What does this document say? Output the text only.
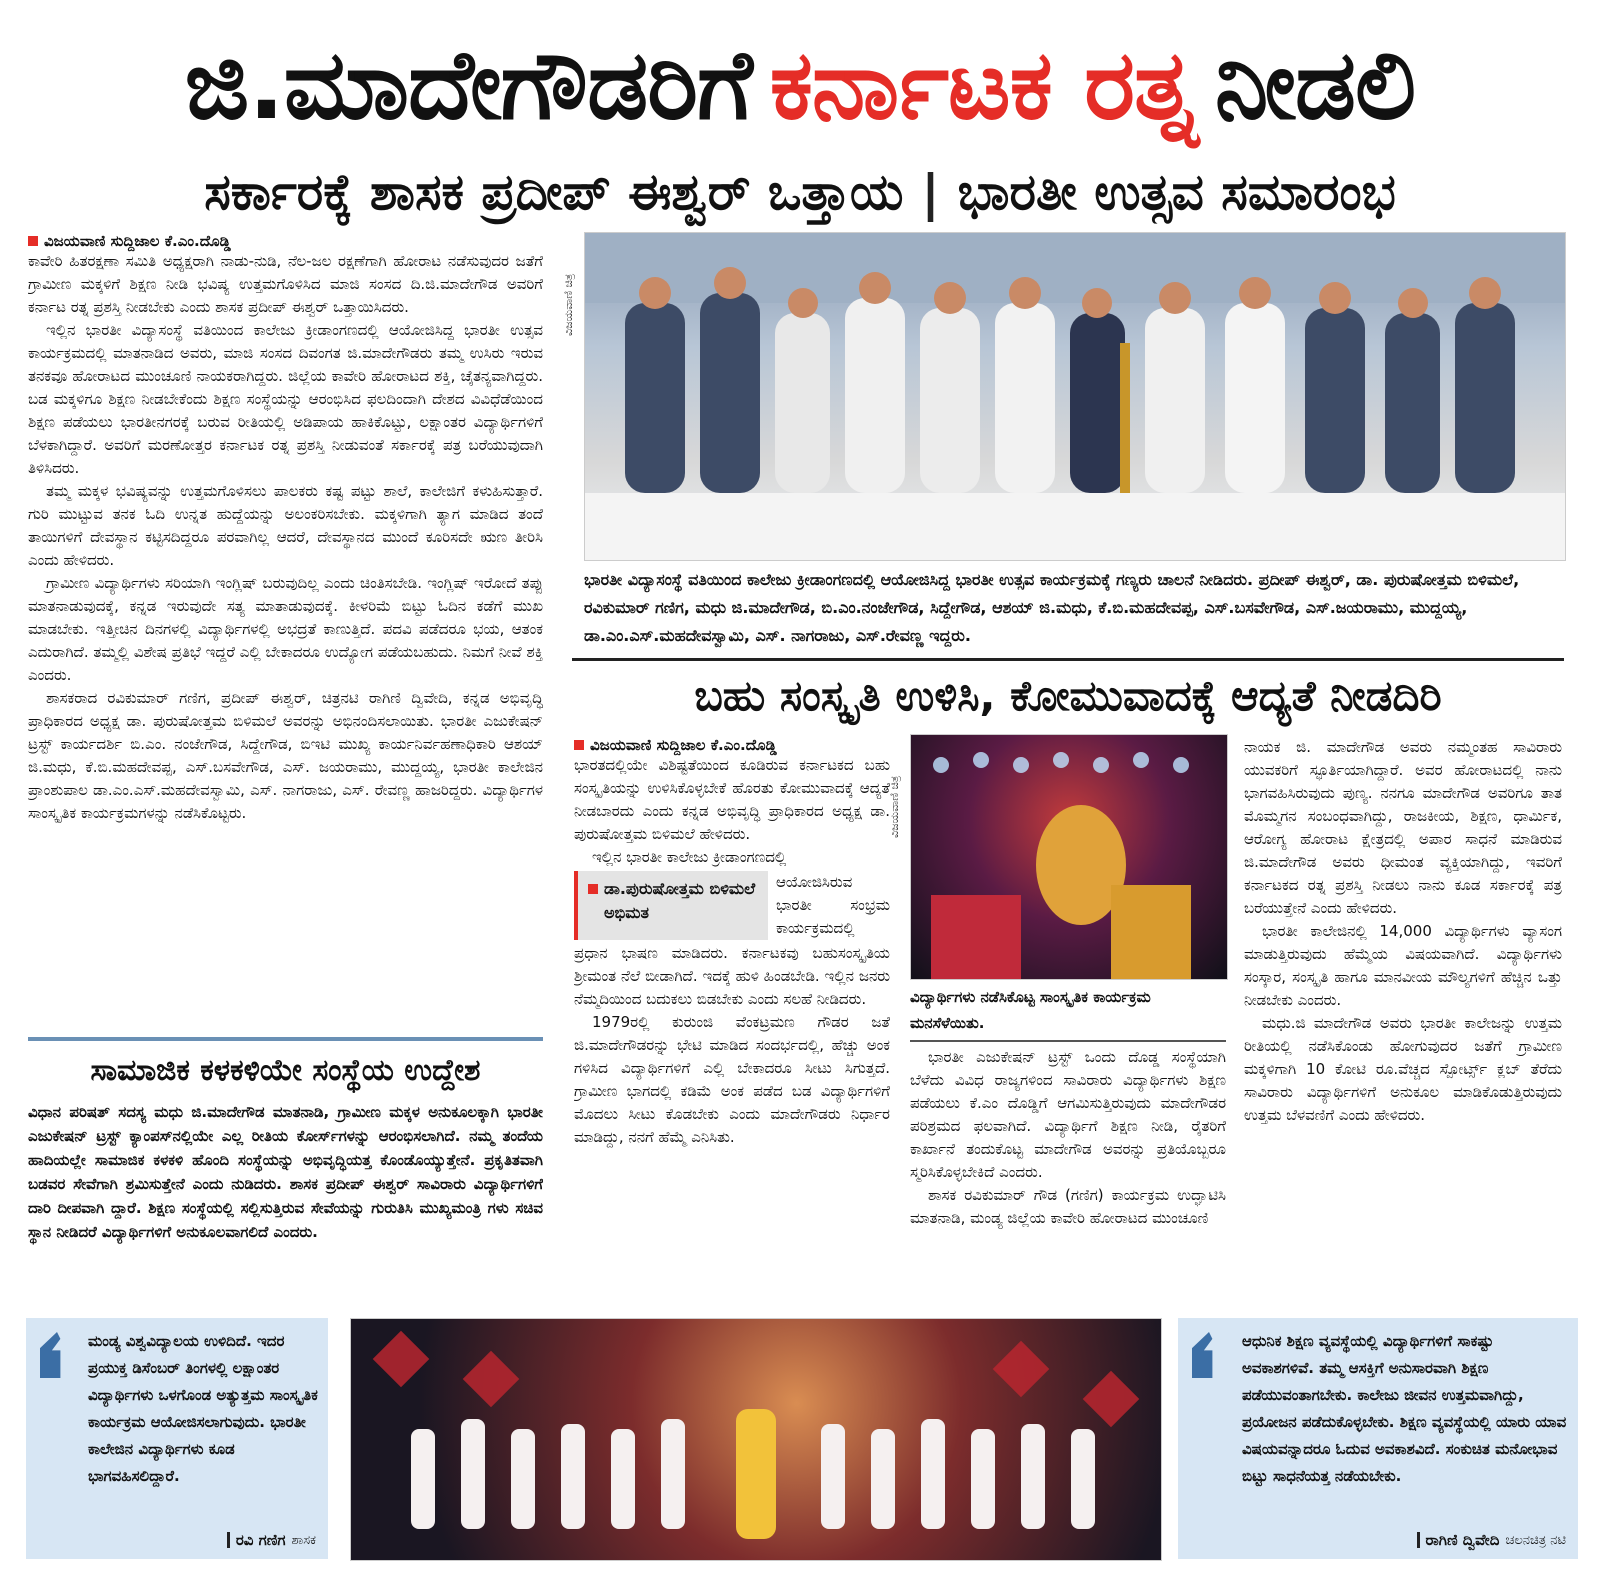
ಜಿ.ಮಾದೇಗೌಡರಿಗೆ ಕರ್ನಾಟಕ ರತ್ನ ನೀಡಲಿ
ಸರ್ಕಾರಕ್ಕೆ ಶಾಸಕ ಪ್ರದೀಪ್ ಈಶ್ವರ್ ಒತ್ತಾಯ | ಭಾರತೀ ಉತ್ಸವ ಸಮಾರಂಭ
ವಿಜಯವಾಣಿ ಸುದ್ದಿಜಾಲ ಕೆ.ಎಂ.ದೊಡ್ಡಿ

ಕಾವೇರಿ ಹಿತರಕ್ಷಣಾ ಸಮಿತಿ ಅಧ್ಯಕ್ಷರಾಗಿ ನಾಡು-ನುಡಿ, ನೆಲ-ಜಲ ರಕ್ಷಣೆಗಾಗಿ ಹೋರಾಟ ನಡೆಸುವುದರ ಜತೆಗೆ ಗ್ರಾಮೀಣ ಮಕ್ಕಳಿಗೆ ಶಿಕ್ಷಣ ನೀಡಿ ಭವಿಷ್ಯ ಉತ್ತಮಗೊಳಿಸಿದ ಮಾಜಿ ಸಂಸದ ದಿ.ಜಿ.ಮಾದೇಗೌಡ ಅವರಿಗೆ ಕರ್ನಾಟ ರತ್ನ ಪ್ರಶಸ್ತಿ ನೀಡಬೇಕು ಎಂದು ಶಾಸಕ ಪ್ರದೀಪ್ ಈಶ್ವರ್ ಒತ್ತಾಯಿಸಿದರು.

ಇಲ್ಲಿನ ಭಾರತೀ ವಿದ್ಯಾಸಂಸ್ಥೆ ವತಿಯಿಂದ ಕಾಲೇಜು ಕ್ರೀಡಾಂಗಣದಲ್ಲಿ ಆಯೋಜಿಸಿದ್ದ ಭಾರತೀ ಉತ್ಸವ ಕಾರ್ಯಕ್ರಮದಲ್ಲಿ ಮಾತನಾಡಿದ ಅವರು, ಮಾಜಿ ಸಂಸದ ದಿವಂಗತ ಜಿ.ಮಾದೇಗೌಡರು ತಮ್ಮ ಉಸಿರು ಇರುವ ತನಕವೂ ಹೋರಾಟದ ಮುಂಚೂಣಿ ನಾಯಕರಾಗಿದ್ದರು. ಜಿಲ್ಲೆಯ ಕಾವೇರಿ ಹೋರಾಟದ ಶಕ್ತಿ, ಚೈತನ್ಯವಾಗಿದ್ದರು. ಬಡ ಮಕ್ಕಳಿಗೂ ಶಿಕ್ಷಣ ನೀಡಬೇಕೆಂದು ಶಿಕ್ಷಣ ಸಂಸ್ಥೆಯನ್ನು ಆರಂಭಿಸಿದ ಫಲದಿಂದಾಗಿ ದೇಶದ ವಿವಿಧೆಡೆಯಿಂದ ಶಿಕ್ಷಣ ಪಡೆಯಲು ಭಾರತೀನಗರಕ್ಕೆ ಬರುವ ರೀತಿಯಲ್ಲಿ ಅಡಿಪಾಯ ಹಾಕಿಕೊಟ್ಟು, ಲಕ್ಷಾಂತರ ವಿದ್ಯಾರ್ಥಿಗಳಿಗೆ ಬೆಳಕಾಗಿದ್ದಾರೆ. ಅವರಿಗೆ ಮರಣೋತ್ತರ ಕರ್ನಾಟಕ ರತ್ನ ಪ್ರಶಸ್ತಿ ನೀಡುವಂತೆ ಸರ್ಕಾರಕ್ಕೆ ಪತ್ರ ಬರೆಯುವುದಾಗಿ ತಿಳಿಸಿದರು.

ತಮ್ಮ ಮಕ್ಕಳ ಭವಿಷ್ಯವನ್ನು ಉತ್ತಮಗೊಳಿಸಲು ಪಾಲಕರು ಕಷ್ಟ ಪಟ್ಟು ಶಾಲೆ, ಕಾಲೇಜಿಗೆ ಕಳುಹಿಸುತ್ತಾರೆ. ಗುರಿ ಮುಟ್ಟುವ ತನಕ ಓದಿ ಉನ್ನತ ಹುದ್ದೆಯನ್ನು ಅಲಂಕರಿಸಬೇಕು. ಮಕ್ಕಳಿಗಾಗಿ ತ್ಯಾಗ ಮಾಡಿದ ತಂದೆ ತಾಯಿಗಳಿಗೆ ದೇವಸ್ಥಾನ ಕಟ್ಟಿಸದಿದ್ದರೂ ಪರವಾಗಿಲ್ಲ ಆದರೆ, ದೇವಸ್ಥಾನದ ಮುಂದೆ ಕೂರಿಸದೇ ಋಣ ತೀರಿಸಿ ಎಂದು ಹೇಳಿದರು.

ಗ್ರಾಮೀಣ ವಿದ್ಯಾರ್ಥಿಗಳು ಸರಿಯಾಗಿ ಇಂಗ್ಲಿಷ್ ಬರುವುದಿಲ್ಲ ಎಂದು ಚಿಂತಿಸಬೇಡಿ. ಇಂಗ್ಲಿಷ್ ಇರೋದೆ ತಪ್ಪು ಮಾತನಾಡುವುದಕ್ಕೆ, ಕನ್ನಡ ಇರುವುದೇ ಸತ್ಯ ಮಾತಾಡುವುದಕ್ಕೆ. ಕೀಳರಿಮೆ ಬಿಟ್ಟು ಓದಿನ ಕಡೆಗೆ ಮುಖ ಮಾಡಬೇಕು. ಇತ್ತೀಚಿನ ದಿನಗಳಲ್ಲಿ ವಿದ್ಯಾರ್ಥಿಗಳಲ್ಲಿ ಅಭದ್ರತೆ ಕಾಣುತ್ತಿದೆ. ಪದವಿ ಪಡೆದರೂ ಭಯ, ಆತಂಕ ಎದುರಾಗಿದೆ. ತಮ್ಮಲ್ಲಿ ವಿಶೇಷ ಪ್ರತಿಭೆ ಇದ್ದರೆ ಎಲ್ಲಿ ಬೇಕಾದರೂ ಉದ್ಯೋಗ ಪಡೆಯಬಹುದು. ನಿಮಗೆ ನೀವೆ ಶಕ್ತಿ ಎಂದರು.

ಶಾಸಕರಾದ ರವಿಕುಮಾರ್ ಗಣಿಗ, ಪ್ರದೀಪ್ ಈಶ್ವರ್, ಚಿತ್ರನಟಿ ರಾಗಿಣಿ ದ್ವಿವೇದಿ, ಕನ್ನಡ ಅಭಿವೃದ್ಧಿ ಪ್ರಾಧಿಕಾರದ ಅಧ್ಯಕ್ಷ ಡಾ. ಪುರುಷೋತ್ತಮ ಬಿಳಿಮಲೆ ಅವರನ್ನು ಅಭಿನಂದಿಸಲಾಯಿತು. ಭಾರತೀ ಎಜುಕೇಷನ್ ಟ್ರಸ್ಟ್ ಕಾರ್ಯದರ್ಶಿ ಬಿ.ಎಂ. ನಂಜೇಗೌಡ, ಸಿದ್ದೇಗೌಡ, ಬಿಇಟಿ ಮುಖ್ಯ ಕಾರ್ಯನಿರ್ವಹಣಾಧಿಕಾರಿ ಆಶಯ್ ಜಿ.ಮಧು, ಕೆ.ಬಿ.ಮಹದೇವಪ್ಪ, ಎಸ್.ಬಸವೇಗೌಡ, ಎಸ್. ಜಯರಾಮು, ಮುದ್ದಯ್ಯ, ಭಾರತೀ ಕಾಲೇಜಿನ ಪ್ರಾಂಶುಪಾಲ ಡಾ.ಎಂ.ಎಸ್.ಮಹದೇವಸ್ವಾಮಿ, ಎಸ್. ನಾಗರಾಜು, ಎಸ್. ರೇವಣ್ಣ ಹಾಜರಿದ್ದರು. ವಿದ್ಯಾರ್ಥಿಗಳ ಸಾಂಸ್ಕೃತಿಕ ಕಾರ್ಯಕ್ರಮಗಳನ್ನು ನಡೆಸಿಕೊಟ್ಟರು.

ವಿಜಯವಾಣಿ ಚಿತ್ರ

ಭಾರತೀ ವಿದ್ಯಾಸಂಸ್ಥೆ ವತಿಯಿಂದ ಕಾಲೇಜು ಕ್ರೀಡಾಂಗಣದಲ್ಲಿ ಆಯೋಜಿಸಿದ್ದ ಭಾರತೀ ಉತ್ಸವ ಕಾರ್ಯಕ್ರಮಕ್ಕೆ ಗಣ್ಯರು ಚಾಲನೆ ನೀಡಿದರು. ಪ್ರದೀಪ್ ಈಶ್ವರ್, ಡಾ. ಪುರುಷೋತ್ತಮ ಬಿಳಿಮಲೆ, ರವಿಕುಮಾರ್ ಗಣಿಗ, ಮಧು ಜಿ.ಮಾದೇಗೌಡ, ಬಿ.ಎಂ.ನಂಜೇಗೌಡ, ಸಿದ್ದೇಗೌಡ, ಆಶಯ್ ಜಿ.ಮಧು, ಕೆ.ಬಿ.ಮಹದೇವಪ್ಪ, ಎಸ್.ಬಸವೇಗೌಡ, ಎಸ್.ಜಯರಾಮು, ಮುದ್ದಯ್ಯ, ಡಾ.ಎಂ.ಎಸ್.ಮಹದೇವಸ್ವಾಮಿ, ಎಸ್. ನಾಗರಾಜು, ಎಸ್.ರೇವಣ್ಣ ಇದ್ದರು.

ಬಹು ಸಂಸ್ಕೃತಿ ಉಳಿಸಿ, ಕೋಮುವಾದಕ್ಕೆ ಆದ್ಯತೆ ನೀಡದಿರಿ
ವಿಜಯವಾಣಿ ಸುದ್ದಿಜಾಲ ಕೆ.ಎಂ.ದೊಡ್ಡಿ

ಭಾರತದಲ್ಲಿಯೇ ವಿಶಿಷ್ಟತೆಯಿಂದ ಕೂಡಿರುವ ಕರ್ನಾಟಕದ ಬಹು ಸಂಸ್ಕೃತಿಯನ್ನು ಉಳಿಸಿಕೊಳ್ಳಬೇಕೆ ಹೊರತು ಕೋಮುವಾದಕ್ಕೆ ಆದ್ಯತೆ ನೀಡಬಾರದು ಎಂದು ಕನ್ನಡ ಅಭಿವೃದ್ಧಿ ಪ್ರಾಧಿಕಾರದ ಅಧ್ಯಕ್ಷ ಡಾ. ಪುರುಷೋತ್ತಮ ಬಿಳಿಮಲೆ ಹೇಳಿದರು.

ಇಲ್ಲಿನ ಭಾರತೀ ಕಾಲೇಜು ಕ್ರೀಡಾಂಗಣದಲ್ಲಿ

ಡಾ.ಪುರುಷೋತ್ತಮ ಬಿಳಿಮಲೆ ಅಭಿಮತ

ಆಯೋಜಿಸಿರುವ ಭಾರತೀ ಸಂಭ್ರಮ ಕಾರ್ಯಕ್ರಮದಲ್ಲಿ

ಪ್ರಧಾನ ಭಾಷಣ ಮಾಡಿದರು. ಕರ್ನಾಟಕವು ಬಹುಸಂಸ್ಕೃತಿಯ ಶ್ರೀಮಂತ ನೆಲೆ ಬೀಡಾಗಿದೆ. ಇದಕ್ಕೆ ಹುಳಿ ಹಿಂಡಬೇಡಿ. ಇಲ್ಲಿನ ಜನರು ನೆಮ್ಮದಿಯಿಂದ ಬದುಕಲು ಬಿಡಬೇಕು ಎಂದು ಸಲಹೆ ನೀಡಿದರು.

1979ರಲ್ಲಿ ಕುರುಂಜಿ ವೆಂಕಟ್ರಮಣ ಗೌಡರ ಜತೆ ಜಿ.ಮಾದೇಗೌಡರನ್ನು ಭೇಟಿ ಮಾಡಿದ ಸಂದರ್ಭದಲ್ಲಿ, ಹೆಚ್ಚು ಅಂಕ ಗಳಿಸಿದ ವಿದ್ಯಾರ್ಥಿಗಳಿಗೆ ಎಲ್ಲಿ ಬೇಕಾದರೂ ಸೀಟು ಸಿಗುತ್ತದೆ. ಗ್ರಾಮೀಣ ಭಾಗದಲ್ಲಿ ಕಡಿಮೆ ಅಂಕ ಪಡೆದ ಬಡ ವಿದ್ಯಾರ್ಥಿಗಳಿಗೆ ಮೊದಲು ಸೀಟು ಕೊಡಬೇಕು ಎಂದು ಮಾದೇಗೌಡರು ನಿರ್ಧಾರ ಮಾಡಿದ್ದು, ನನಗೆ ಹೆಮ್ಮೆ ಎನಿಸಿತು.

ವಿಜಯವಾಣಿ ಚಿತ್ರ

ವಿದ್ಯಾರ್ಥಿಗಳು ನಡೆಸಿಕೊಟ್ಟ ಸಾಂಸ್ಕೃತಿಕ ಕಾರ್ಯಕ್ರಮ ಮನಸೆಳೆಯಿತು.

ಭಾರತೀ ಎಜುಕೇಷನ್ ಟ್ರಸ್ಟ್ ಒಂದು ದೊಡ್ಡ ಸಂಸ್ಥೆಯಾಗಿ ಬೆಳೆದು ವಿವಿಧ ರಾಜ್ಯಗಳಿಂದ ಸಾವಿರಾರು ವಿದ್ಯಾರ್ಥಿಗಳು ಶಿಕ್ಷಣ ಪಡೆಯಲು ಕೆ.ಎಂ ದೊಡ್ಡಿಗೆ ಆಗಮಿಸುತ್ತಿರುವುದು ಮಾದೇಗೌಡರ ಪರಿಶ್ರಮದ ಫಲವಾಗಿದೆ. ವಿದ್ಯಾರ್ಥಿಗೆ ಶಿಕ್ಷಣ ನೀಡಿ, ರೈತರಿಗೆ ಕಾರ್ಖಾನೆ ತಂದುಕೊಟ್ಟ ಮಾದೇಗೌಡ ಅವರನ್ನು ಪ್ರತಿಯೊಬ್ಬರೂ ಸ್ಮರಿಸಿಕೊಳ್ಳಬೇಕಿದೆ ಎಂದರು.

ಶಾಸಕ ರವಿಕುಮಾರ್ ಗೌಡ (ಗಣಿಗ) ಕಾರ್ಯಕ್ರಮ ಉದ್ಘಾಟಿಸಿ ಮಾತನಾಡಿ, ಮಂಡ್ಯ ಜಿಲ್ಲೆಯ ಕಾವೇರಿ ಹೋರಾಟದ ಮುಂಚೂಣಿ

ನಾಯಕ ಜಿ. ಮಾದೇಗೌಡ ಅವರು ನಮ್ಮಂತಹ ಸಾವಿರಾರು ಯುವಕರಿಗೆ ಸ್ಫೂರ್ತಿಯಾಗಿದ್ದಾರೆ. ಅವರ ಹೋರಾಟದಲ್ಲಿ ನಾನು ಭಾಗವಹಿಸಿರುವುದು ಪುಣ್ಯ. ನನಗೂ ಮಾದೇಗೌಡ ಅವರಿಗೂ ತಾತ ಮೊಮ್ಮಗನ ಸಂಬಂಧವಾಗಿದ್ದು, ರಾಜಕೀಯ, ಶಿಕ್ಷಣ, ಧಾರ್ಮಿಕ, ಆರೋಗ್ಯ ಹೋರಾಟ ಕ್ಷೇತ್ರದಲ್ಲಿ ಅಪಾರ ಸಾಧನೆ ಮಾಡಿರುವ ಜಿ.ಮಾದೇಗೌಡ ಅವರು ಧೀಮಂತ ವ್ಯಕ್ತಿಯಾಗಿದ್ದು, ಇವರಿಗೆ ಕರ್ನಾಟಕದ ರತ್ನ ಪ್ರಶಸ್ತಿ ನೀಡಲು ನಾನು ಕೂಡ ಸರ್ಕಾರಕ್ಕೆ ಪತ್ರ ಬರೆಯುತ್ತೇನೆ ಎಂದು ಹೇಳಿದರು.

ಭಾರತೀ ಕಾಲೇಜಿನಲ್ಲಿ 14,000 ವಿದ್ಯಾರ್ಥಿಗಳು ವ್ಯಾಸಂಗ ಮಾಡುತ್ತಿರುವುದು ಹೆಮ್ಮೆಯ ವಿಷಯವಾಗಿದೆ. ವಿದ್ಯಾರ್ಥಿಗಳು ಸಂಸ್ಕಾರ, ಸಂಸ್ಕೃತಿ ಹಾಗೂ ಮಾನವೀಯ ಮೌಲ್ಯಗಳಿಗೆ ಹೆಚ್ಚಿನ ಒತ್ತು ನೀಡಬೇಕು ಎಂದರು.

ಮಧು.ಜಿ ಮಾದೇಗೌಡ ಅವರು ಭಾರತೀ ಕಾಲೇಜನ್ನು ಉತ್ತಮ ರೀತಿಯಲ್ಲಿ ನಡೆಸಿಕೊಂಡು ಹೋಗುವುದರ ಜತೆಗೆ ಗ್ರಾಮೀಣ ಮಕ್ಕಳಿಗಾಗಿ 10 ಕೋಟಿ ರೂ.ವೆಚ್ಚದ ಸ್ಪೋರ್ಟ್ಸ್ ಕ್ಲಬ್ ತೆರೆದು ಸಾವಿರಾರು ವಿದ್ಯಾರ್ಥಿಗಳಿಗೆ ಅನುಕೂಲ ಮಾಡಿಕೊಡುತ್ತಿರುವುದು ಉತ್ತಮ ಬೆಳವಣಿಗೆ ಎಂದು ಹೇಳಿದರು.

ಸಾಮಾಜಿಕ ಕಳಕಳಿಯೇ ಸಂಸ್ಥೆಯ ಉದ್ದೇಶ

ವಿಧಾನ ಪರಿಷತ್ ಸದಸ್ಯ ಮಧು ಜಿ.ಮಾದೇಗೌಡ ಮಾತನಾಡಿ, ಗ್ರಾಮೀಣ ಮಕ್ಕಳ ಅನುಕೂಲಕ್ಕಾಗಿ ಭಾರತೀ ಎಜುಕೇಷನ್ ಟ್ರಸ್ಟ್ ಕ್ಯಾಂಪಸ್‌ನಲ್ಲಿಯೇ ಎಲ್ಲ ರೀತಿಯ ಕೋರ್ಸ್‌ಗಳನ್ನು ಆರಂಭಿಸಲಾಗಿದೆ. ನಮ್ಮ ತಂದೆಯ ಹಾದಿಯಲ್ಲೇ ಸಾಮಾಜಿಕ ಕಳಕಳಿ ಹೊಂದಿ ಸಂಸ್ಥೆಯನ್ನು ಅಭಿವೃದ್ಧಿಯತ್ತ ಕೊಂಡೊಯ್ಯುತ್ತೇನೆ. ಪ್ರಕೃತಿತವಾಗಿ ಬಡವರ ಸೇವೆಗಾಗಿ ಶ್ರಮಿಸುತ್ತೇನೆ ಎಂದು ನುಡಿದರು. ಶಾಸಕ ಪ್ರದೀಪ್ ಈಶ್ವರ್ ಸಾವಿರಾರು ವಿದ್ಯಾರ್ಥಿಗಳಿಗೆ ದಾರಿ ದೀಪವಾಗಿ ದ್ದಾರೆ. ಶಿಕ್ಷಣ ಸಂಸ್ಥೆಯಲ್ಲಿ ಸಲ್ಲಿಸುತ್ತಿರುವ ಸೇವೆಯನ್ನು ಗುರುತಿಸಿ ಮುಖ್ಯಮಂತ್ರಿ ಗಳು ಸಚಿವ ಸ್ಥಾನ ನೀಡಿದರೆ ವಿದ್ಯಾರ್ಥಿಗಳಿಗೆ ಅನುಕೂಲವಾಗಲಿದೆ ಎಂದರು.

ಮಂಡ್ಯ ವಿಶ್ವವಿದ್ಯಾಲಯ ಉಳಿದಿದೆ. ಇದರ ಪ್ರಯುಕ್ತ ಡಿಸೆಂಬರ್ ತಿಂಗಳಲ್ಲಿ ಲಕ್ಷಾಂತರ ವಿದ್ಯಾರ್ಥಿಗಳು ಒಳಗೊಂಡ ಅತ್ಯುತ್ತಮ ಸಾಂಸ್ಕೃತಿಕ ಕಾರ್ಯಕ್ರಮ ಆಯೋಜಿಸಲಾಗುವುದು. ಭಾರತೀ ಕಾಲೇಜಿನ ವಿದ್ಯಾರ್ಥಿಗಳು ಕೂಡ ಭಾಗವಹಿಸಲಿದ್ದಾರೆ.

ರವಿ ಗಣಿಗ ಶಾಸಕ

ಆಧುನಿಕ ಶಿಕ್ಷಣ ವ್ಯವಸ್ಥೆಯಲ್ಲಿ ವಿದ್ಯಾರ್ಥಿಗಳಿಗೆ ಸಾಕಷ್ಟು ಅವಕಾಶಗಳಿವೆ. ತಮ್ಮ ಆಸಕ್ತಿಗೆ ಅನುಸಾರವಾಗಿ ಶಿಕ್ಷಣ ಪಡೆಯುವಂತಾಗಬೇಕು. ಕಾಲೇಜು ಜೀವನ ಉತ್ತಮವಾಗಿದ್ದು, ಪ್ರಯೋಜನ ಪಡೆದುಕೊಳ್ಳಬೇಕು. ಶಿಕ್ಷಣ ವ್ಯವಸ್ಥೆಯಲ್ಲಿ ಯಾರು ಯಾವ ವಿಷಯವನ್ನಾದರೂ ಓದುವ ಅವಕಾಶವಿದೆ. ಸಂಕುಚಿತ ಮನೋಭಾವ ಬಿಟ್ಟು ಸಾಧನೆಯತ್ತ ನಡೆಯಬೇಕು.

ರಾಗಿಣಿ ದ್ವಿವೇದಿ ಚಲನಚಿತ್ರ ನಟಿ
